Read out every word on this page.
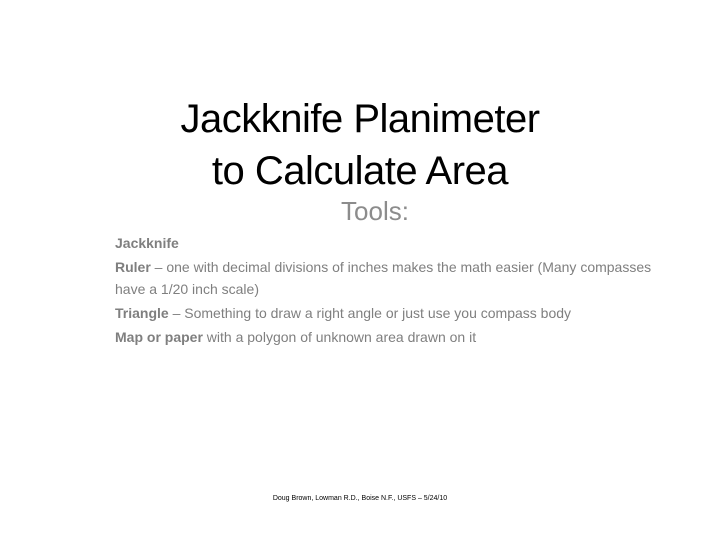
Jackknife Planimeter
to Calculate Area
Tools:

Jackknife

Ruler – one with decimal divisions of inches makes the math easier (Many compasses have a 1/20 inch scale)

Triangle – Something to draw a right angle or just use you compass body

Map or paper with a polygon of unknown area drawn on it

Doug Brown, Lowman R.D., Boise N.F., USFS – 5/24/10
